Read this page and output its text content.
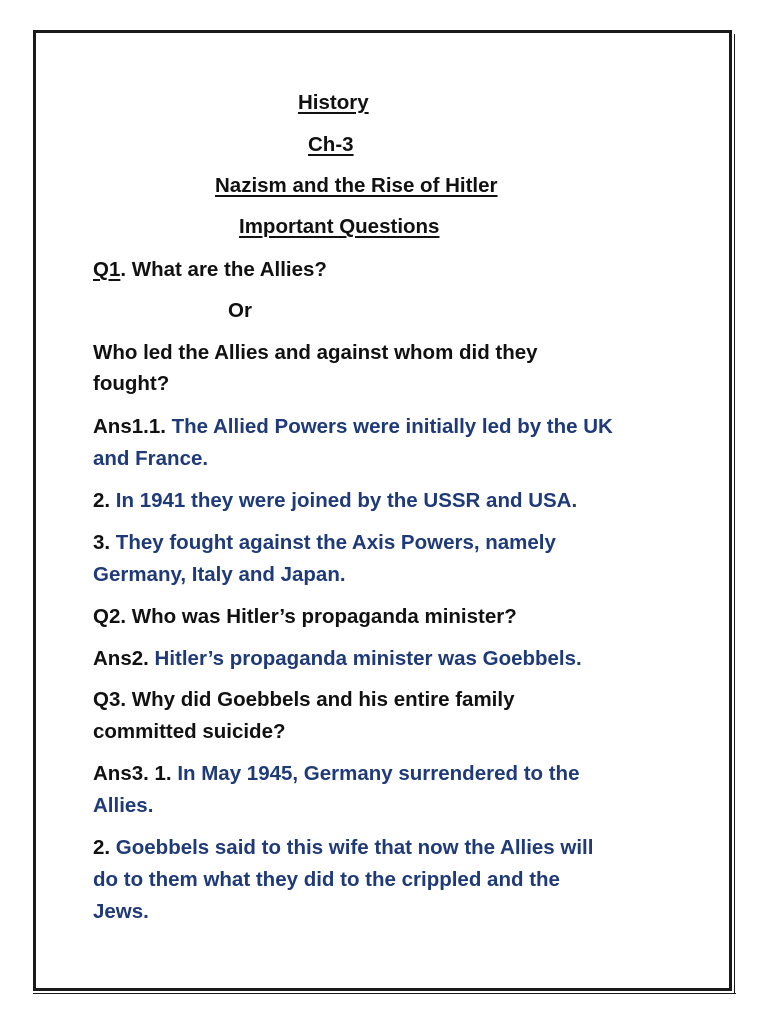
History

Ch-3

Nazism and the Rise of Hitler

Important Questions

Q1. What are the Allies?

Or

Who led the Allies and against whom did they

fought?

Ans1.1. The Allied Powers were initially led by the UK

and France.

2. In 1941 they were joined by the USSR and USA.

3. They fought against the Axis Powers, namely

Germany, Italy and Japan.

Q2. Who was Hitler’s propaganda minister?

Ans2. Hitler’s propaganda minister was Goebbels.

Q3. Why did Goebbels and his entire family

committed suicide?

Ans3. 1. In May 1945, Germany surrendered to the

Allies.

2. Goebbels said to this wife that now the Allies will

do to them what they did to the crippled and the

Jews.
